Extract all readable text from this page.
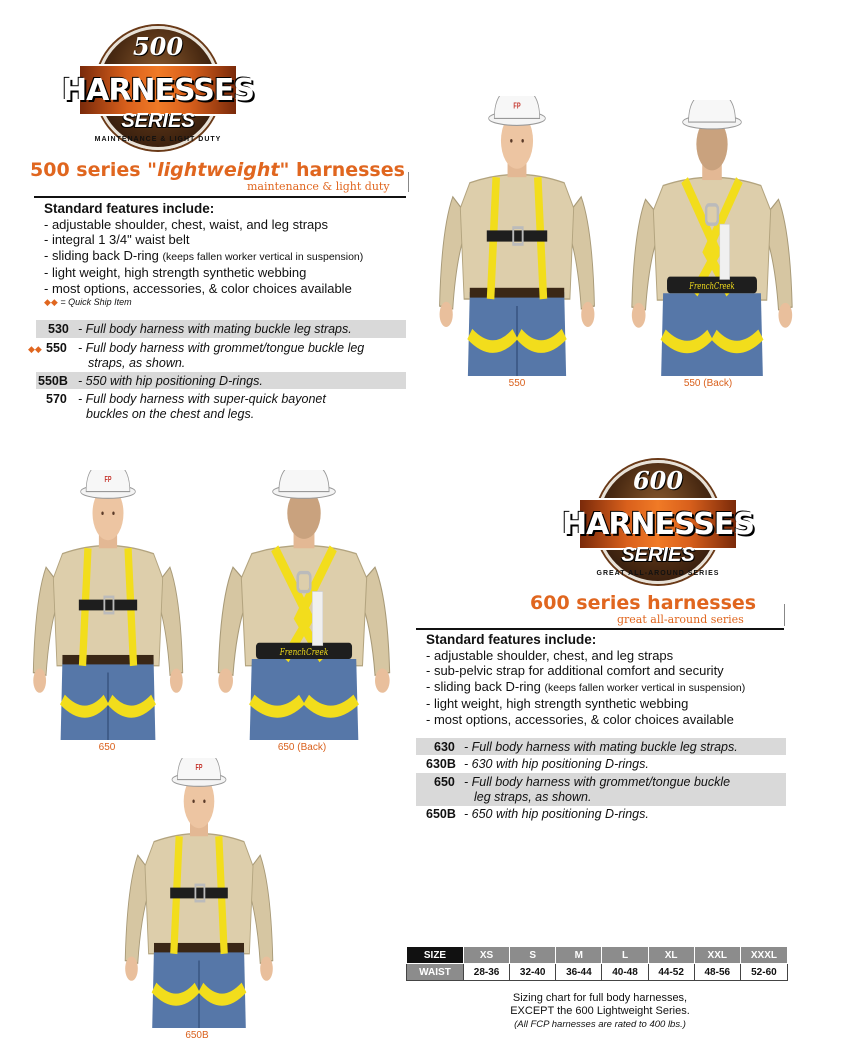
500
HARNESSES
SERIES
MAINTENANCE & LIGHT DUTY
500 series "lightweight" harnesses
maintenance & light duty
Standard features include:
- adjustable shoulder, chest, waist, and leg straps
- integral 1 3/4" waist belt
- sliding back D-ring (keeps fallen worker vertical in suspension)
- light weight, high strength synthetic webbing
- most options, accessories, & color choices available
◆◆ = Quick Ship Item
530 - Full body harness with mating buckle leg straps.
◆◆ 550 - Full body harness with grommet/tongue buckle leg
straps, as shown.
550B - 550 with hip positioning D-rings.
570 - Full body harness with super-quick bayonet
buckles on the chest and legs.
550	550 (Back)
650	650 (Back)
650B
600
HARNESSES
SERIES
GREAT ALL-AROUND SERIES
600 series harnesses
great all-around series
Standard features include:
- adjustable shoulder, chest, and leg straps
- sub-pelvic strap for additional comfort and security
- sliding back D-ring (keeps fallen worker vertical in suspension)
- light weight, high strength synthetic webbing
- most options, accessories, & color choices available
630 - Full body harness with mating buckle leg straps.
630B - 630 with hip positioning D-rings.
650 - Full body harness with grommet/tongue buckle
leg straps, as shown.
650B - 650 with hip positioning D-rings.
SIZE	XS	S	M	L	XL	XXL	XXXL
WAIST	28-36	32-40	36-44	40-48	44-52	48-56	52-60
Sizing chart for full body harnesses,
EXCEPT the 600 Lightweight Series.
(All FCP harnesses are rated to 400 lbs.)
